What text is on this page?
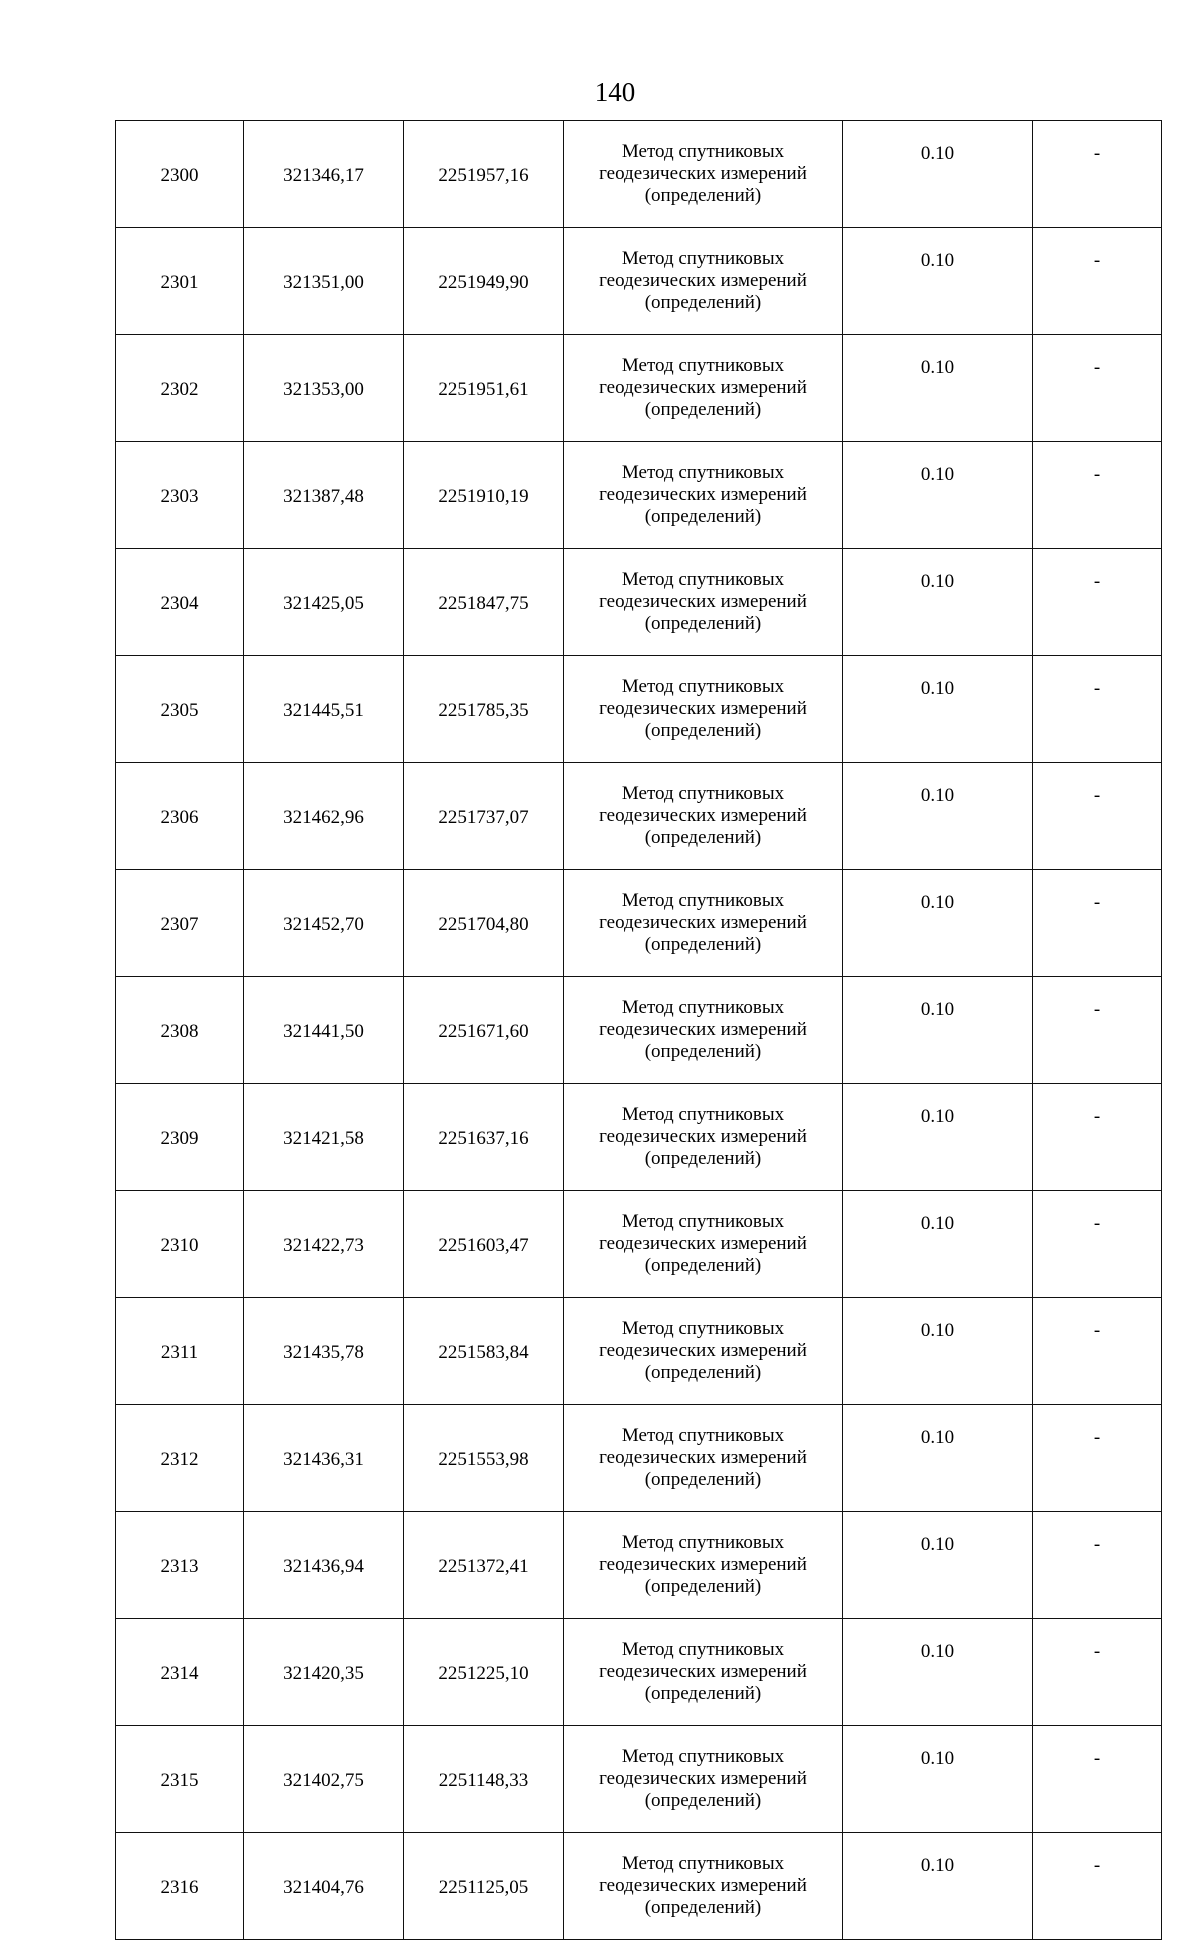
140
2300	321346,17	2251957,16	Метод спутниковых
геодезических измерений
(определений)	0.10	-
2301	321351,00	2251949,90	Метод спутниковых
геодезических измерений
(определений)	0.10	-
2302	321353,00	2251951,61	Метод спутниковых
геодезических измерений
(определений)	0.10	-
2303	321387,48	2251910,19	Метод спутниковых
геодезических измерений
(определений)	0.10	-
2304	321425,05	2251847,75	Метод спутниковых
геодезических измерений
(определений)	0.10	-
2305	321445,51	2251785,35	Метод спутниковых
геодезических измерений
(определений)	0.10	-
2306	321462,96	2251737,07	Метод спутниковых
геодезических измерений
(определений)	0.10	-
2307	321452,70	2251704,80	Метод спутниковых
геодезических измерений
(определений)	0.10	-
2308	321441,50	2251671,60	Метод спутниковых
геодезических измерений
(определений)	0.10	-
2309	321421,58	2251637,16	Метод спутниковых
геодезических измерений
(определений)	0.10	-
2310	321422,73	2251603,47	Метод спутниковых
геодезических измерений
(определений)	0.10	-
2311	321435,78	2251583,84	Метод спутниковых
геодезических измерений
(определений)	0.10	-
2312	321436,31	2251553,98	Метод спутниковых
геодезических измерений
(определений)	0.10	-
2313	321436,94	2251372,41	Метод спутниковых
геодезических измерений
(определений)	0.10	-
2314	321420,35	2251225,10	Метод спутниковых
геодезических измерений
(определений)	0.10	-
2315	321402,75	2251148,33	Метод спутниковых
геодезических измерений
(определений)	0.10	-
2316	321404,76	2251125,05	Метод спутниковых
геодезических измерений
(определений)	0.10	-
